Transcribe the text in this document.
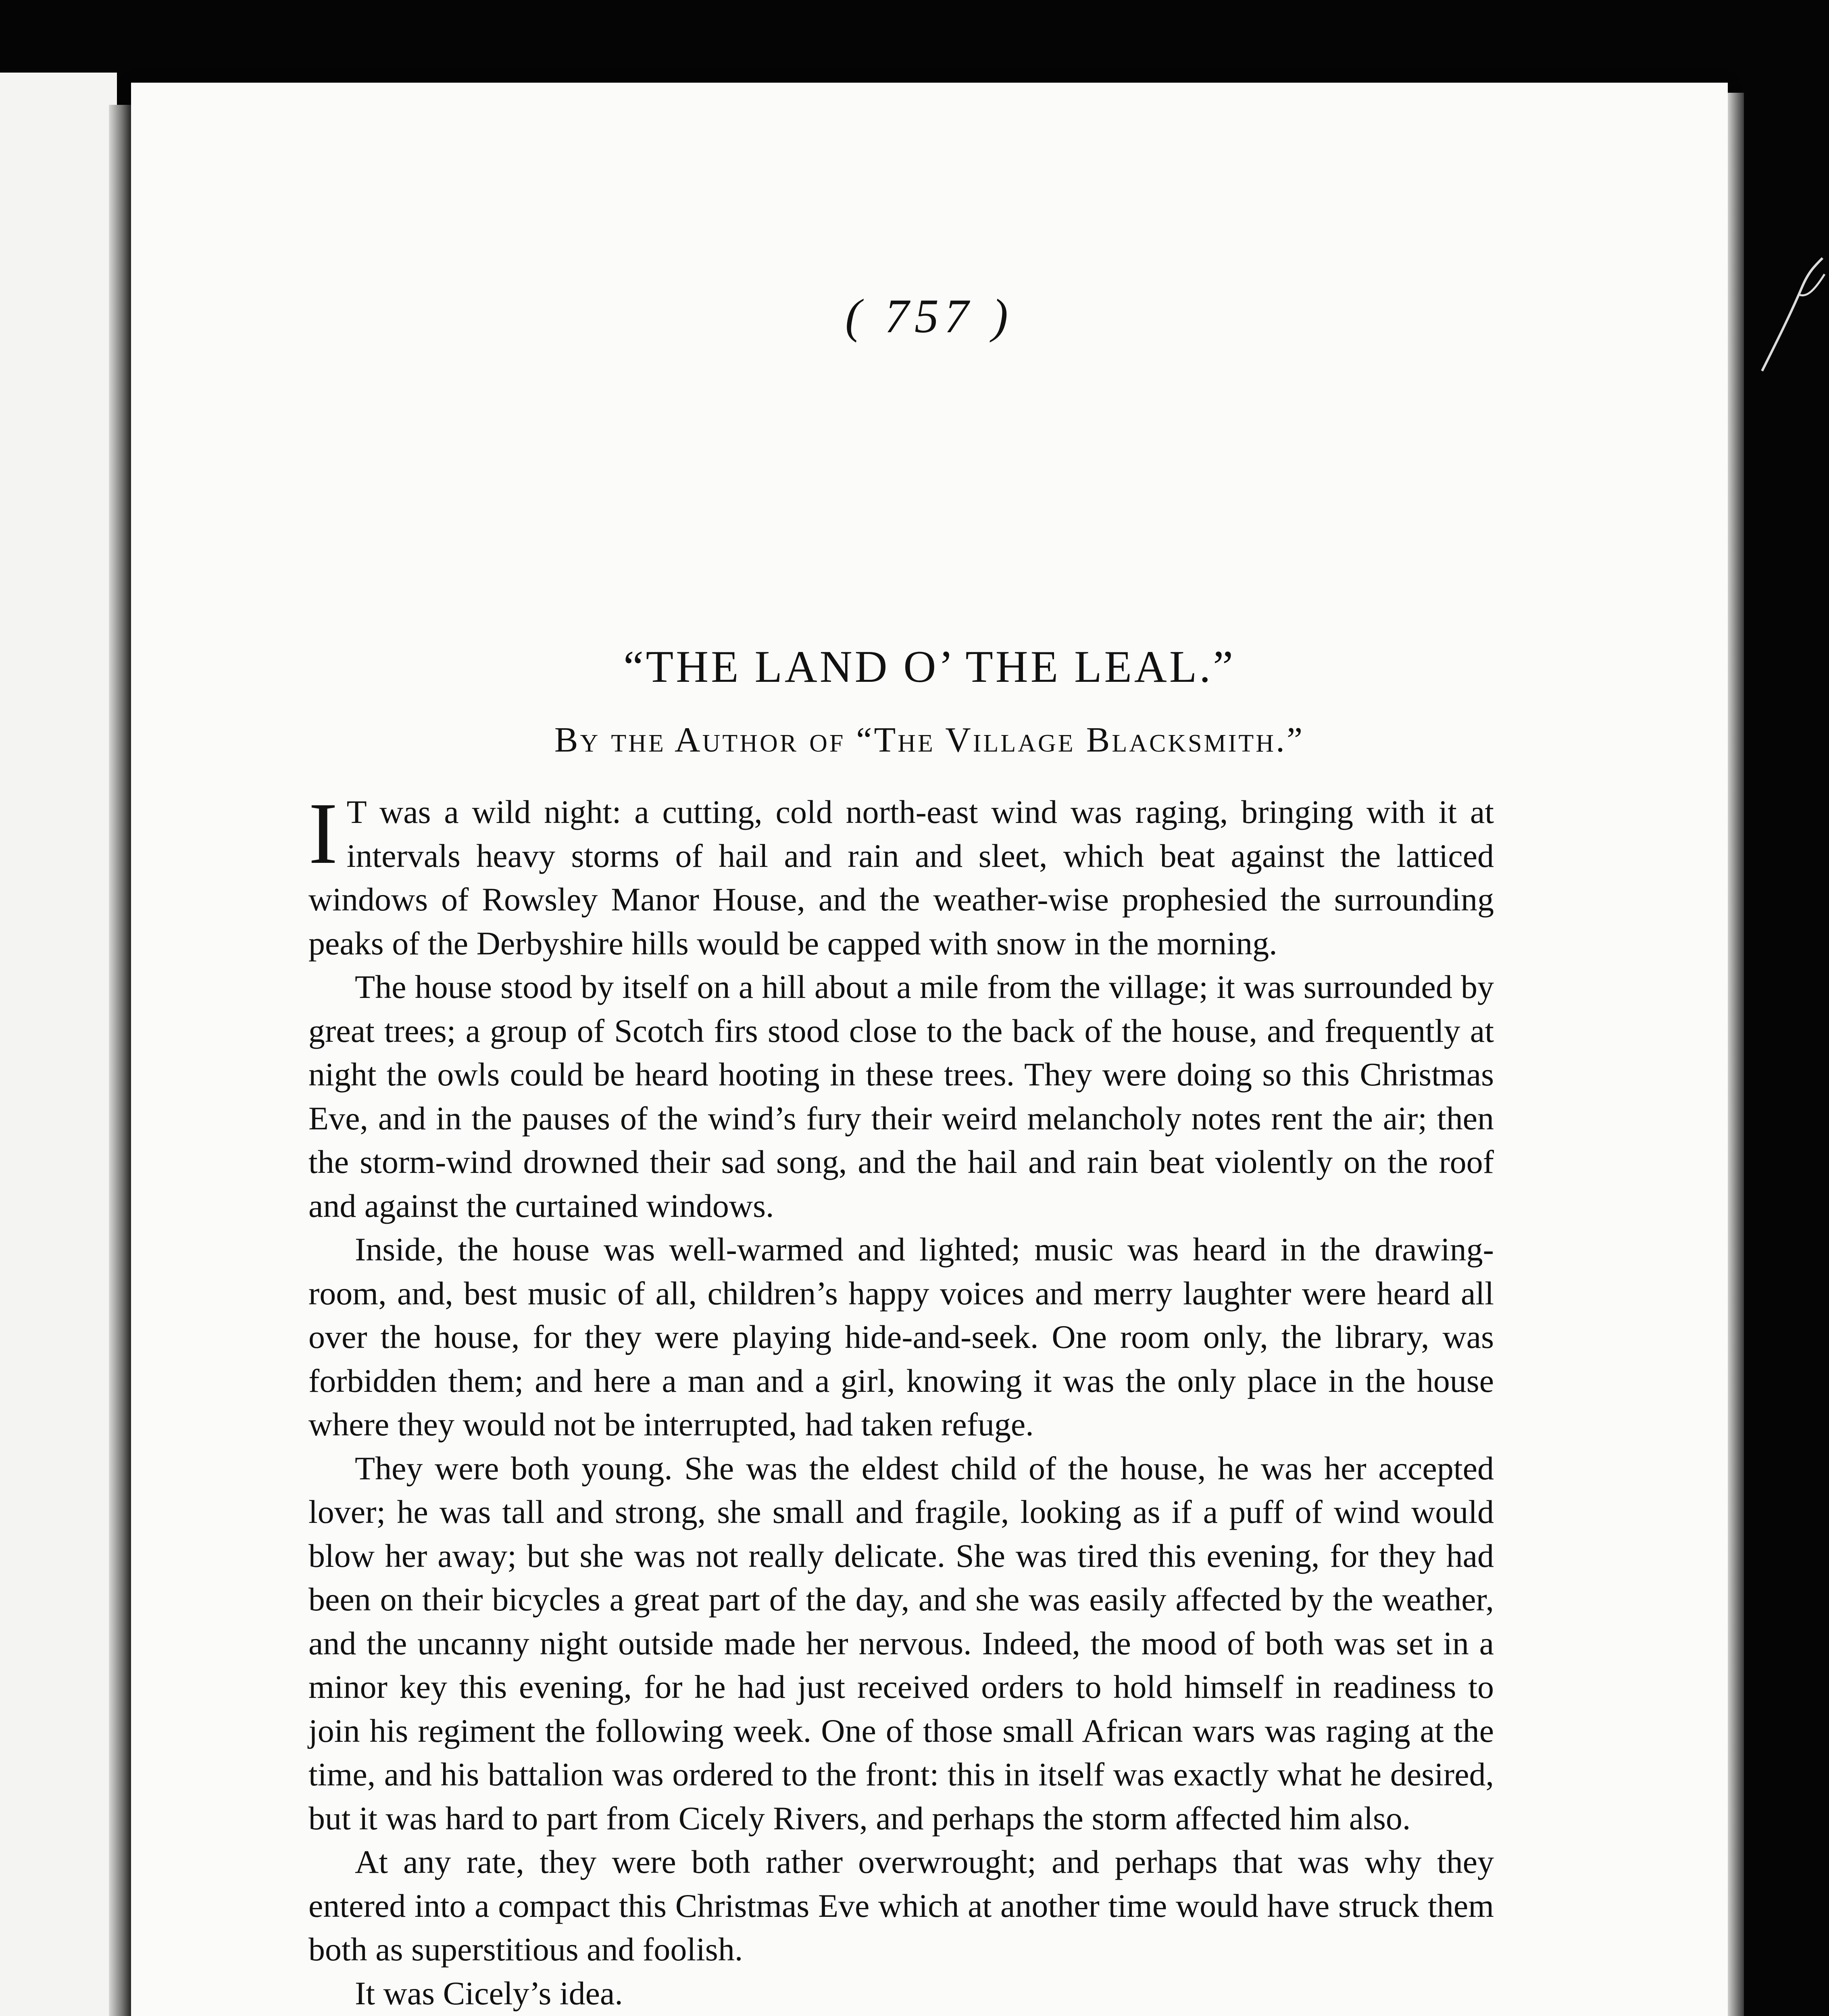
( 757 )
“THE LAND O’ THE LEAL.”
By the Author of “The Village Blacksmith.”

I T was a wild night: a cutting, cold north-east wind was raging, bringing with it at intervals heavy storms of hail and rain and sleet, which beat against the latticed windows of Rowsley Manor House, and the weather-wise prophesied the surrounding peaks of the Derbyshire hills would be capped with snow in the morning.

The house stood by itself on a hill about a mile from the village; it was surrounded by great trees; a group of Scotch firs stood close to the back of the house, and frequently at night the owls could be heard hooting in these trees. They were doing so this Christmas Eve, and in the pauses of the wind’s fury their weird melancholy notes rent the air; then the storm-wind drowned their sad song, and the hail and rain beat violently on the roof and against the curtained windows.

Inside, the house was well-warmed and lighted; music was heard in the drawing-room, and, best music of all, children’s happy voices and merry laughter were heard all over the house, for they were playing hide-and-seek. One room only, the library, was forbidden them; and here a man and a girl, knowing it was the only place in the house where they would not be interrupted, had taken refuge.

They were both young. She was the eldest child of the house, he was her accepted lover; he was tall and strong, she small and fragile, looking as if a puff of wind would blow her away; but she was not really delicate. She was tired this evening, for they had been on their bicycles a great part of the day, and she was easily affected by the weather, and the uncanny night outside made her nervous. Indeed, the mood of both was set in a minor key this evening, for he had just received orders to hold himself in readiness to join his regiment the following week. One of those small African wars was raging at the time, and his battalion was ordered to the front: this in itself was exactly what he desired, but it was hard to part from Cicely Rivers, and perhaps the storm affected him also.

At any rate, they were both rather overwrought; and perhaps that was why they entered into a compact this Christmas Eve which at another time would have struck them both as superstitious and foolish.

It was Cicely’s idea.
